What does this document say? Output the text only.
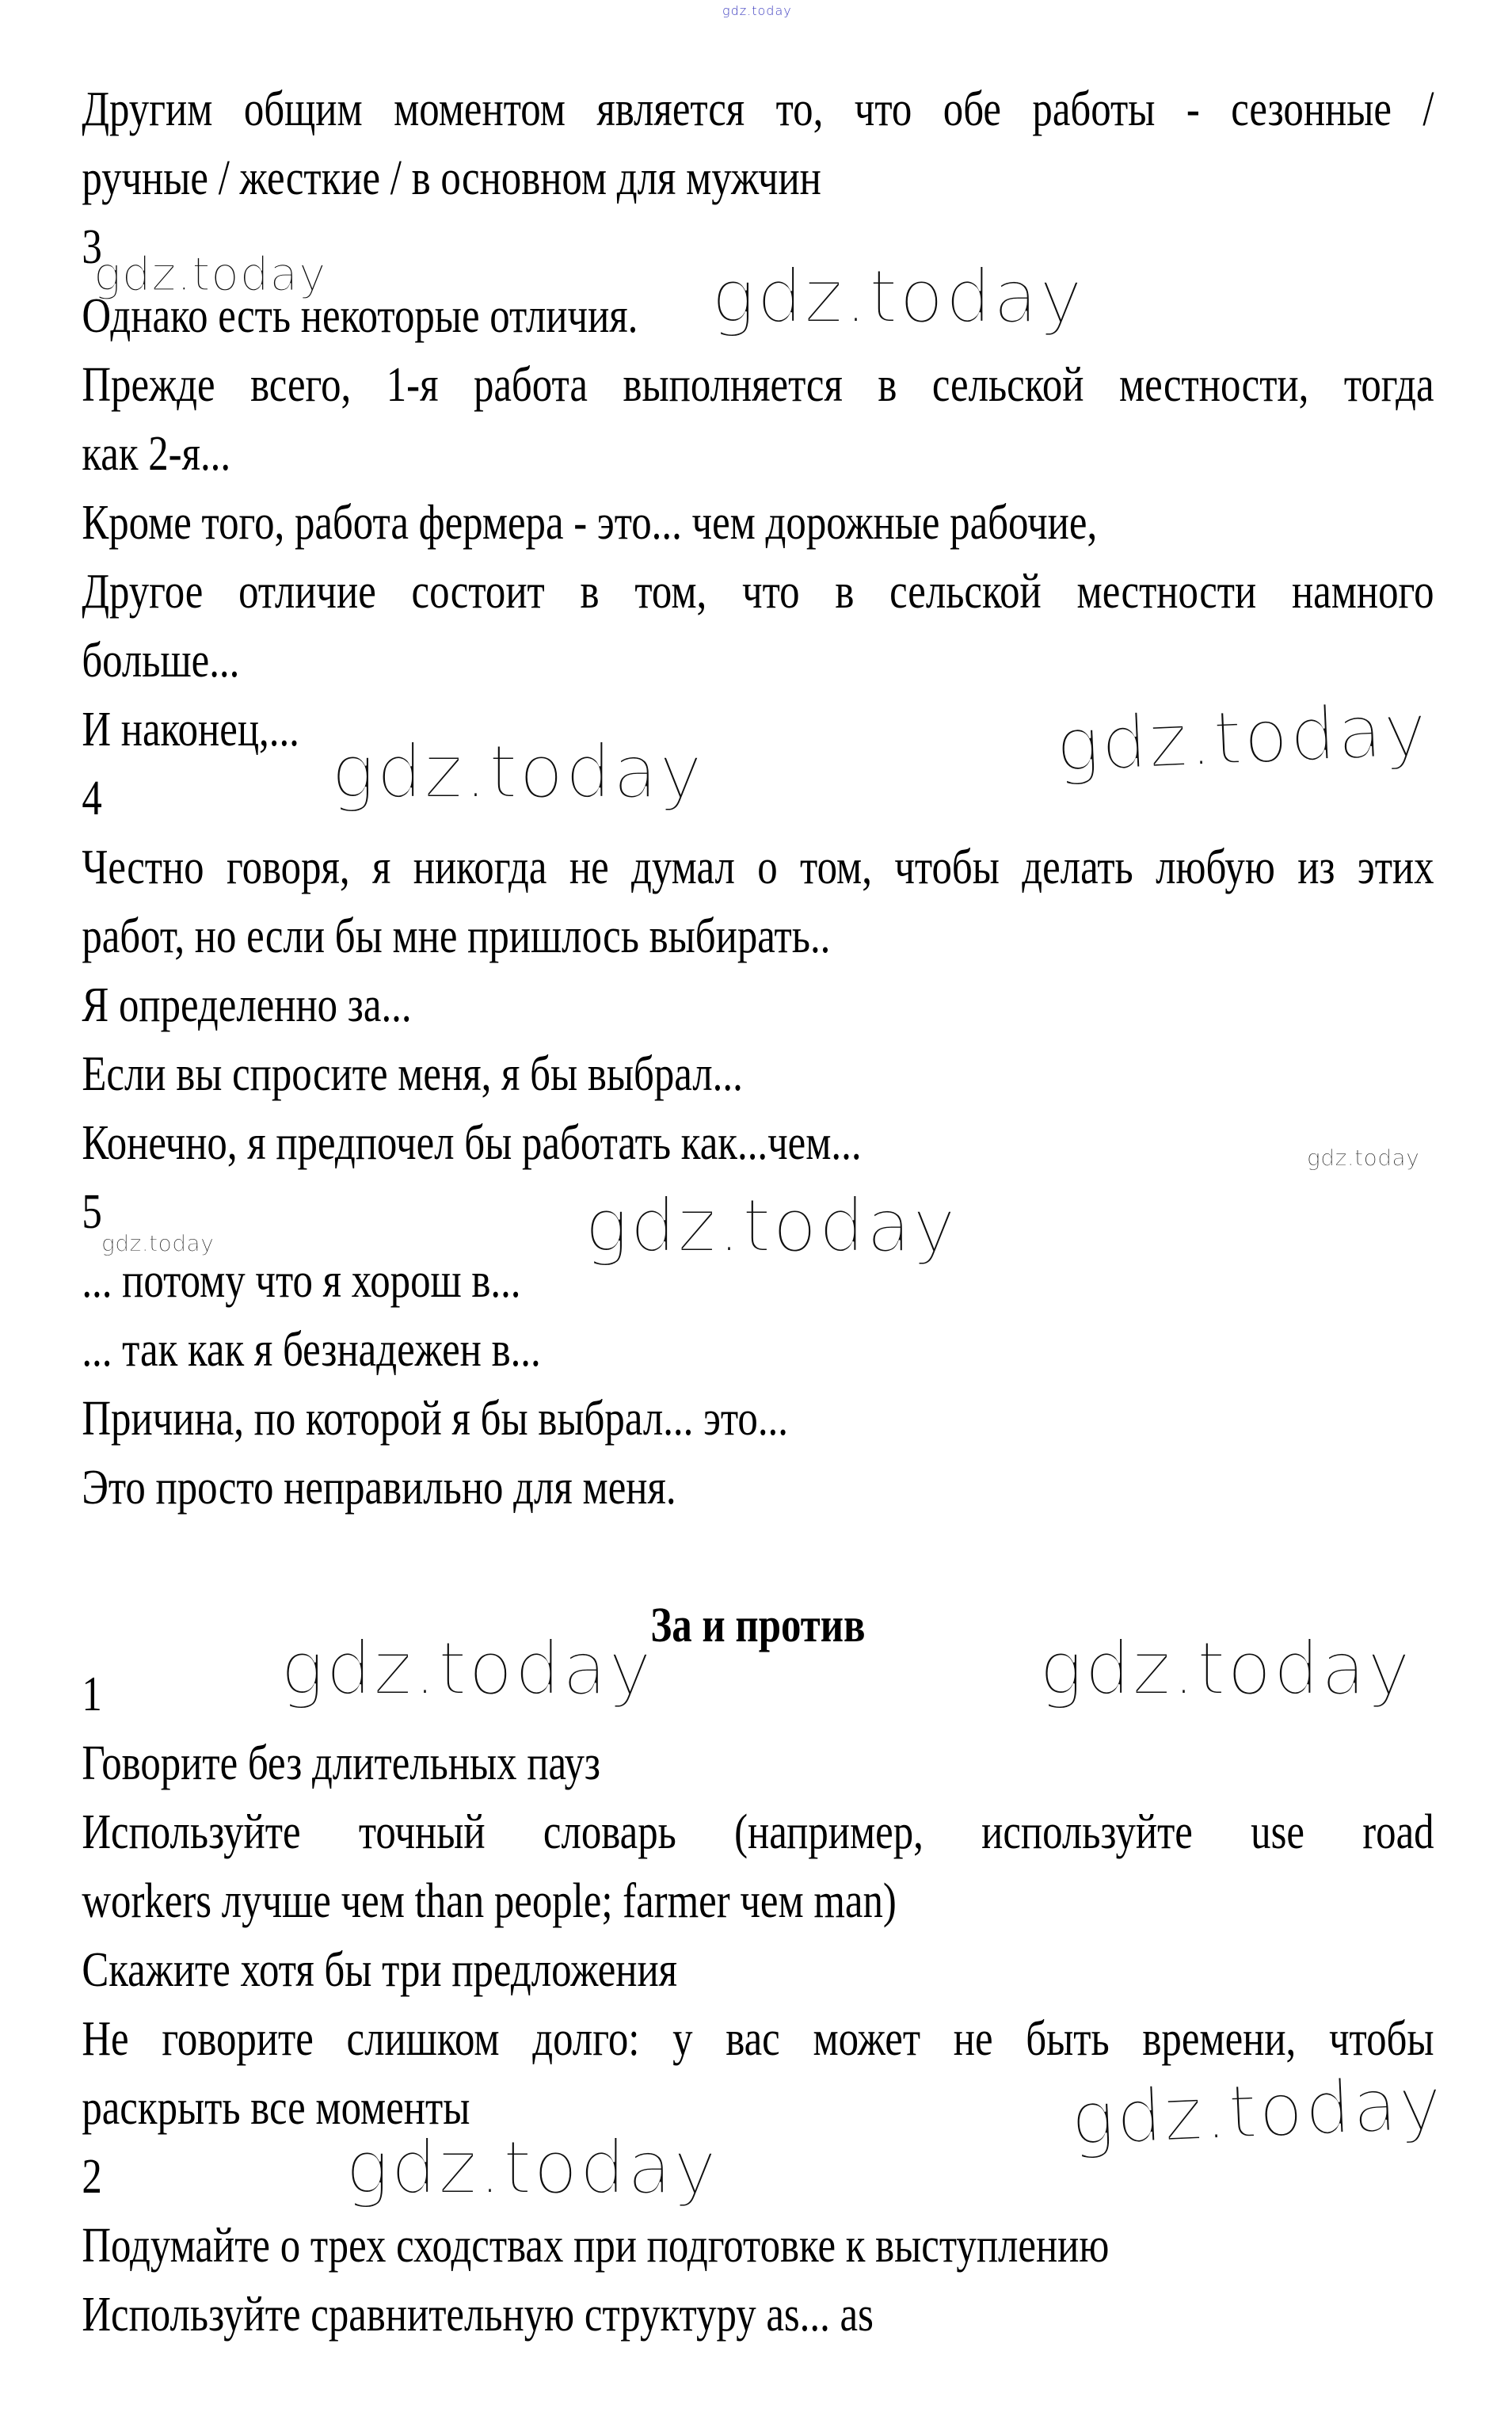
Другим общим моментом является то, что обе работы - сезонные /
ручные / жесткие / в основном для мужчин
3
Однако есть некоторые отличия.
Прежде всего, 1-я работа выполняется в сельской местности, тогда
как 2-я...
Кроме того, работа фермера - это... чем дорожные рабочие,
Другое отличие состоит в том, что в сельской местности намного
больше...
И наконец,...
4
Честно говоря, я никогда не думал о том, чтобы делать любую из этих
работ, но если бы мне пришлось выбирать..
Я определенно за...
Если вы спросите меня, я бы выбрал...
Конечно, я предпочел бы работать как...чем...
5
... потому что я хорош в...
... так как я безнадежен в...
Причина, по которой я бы выбрал... это...
Это просто неправильно для меня.
За и против
1
Говорите без длительных пауз
Используйте точный словарь (например, используйте use road
workers лучше чем than people; farmer чем man)
Скажите хотя бы три предложения
Не говорите слишком долго: у вас может не быть времени, чтобы
раскрыть все моменты
2
Подумайте о трех сходствах при подготовке к выступлению
Используйте сравнительную структуру as... as
gdz.today
gdz.today	gdz.today
gdz.today
gdz.today
gdz.today
gdz.today
gdz.today
gdz.today	gdz.today
gdz.today
gdz.today
